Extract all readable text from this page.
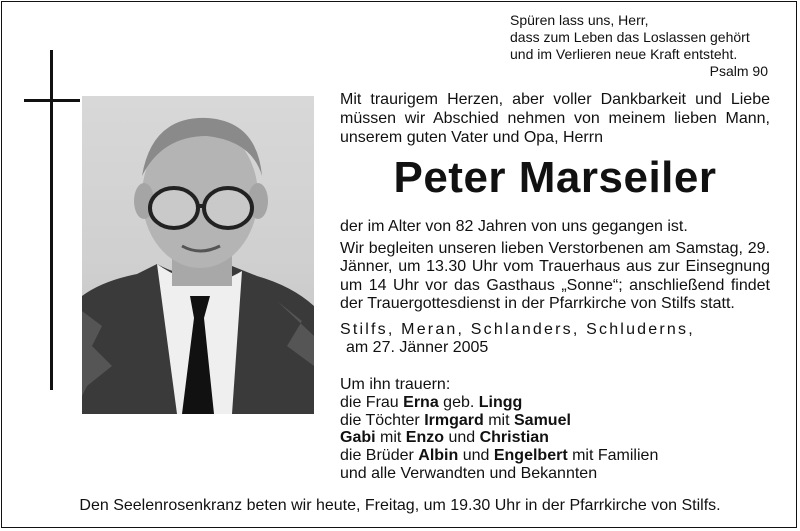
Spüren lass uns, Herr,
dass zum Leben das Loslassen gehört
und im Verlieren neue Kraft entsteht.
Psalm 90
Mit traurigem Herzen, aber voller Dankbarkeit und Liebe müssen wir Abschied nehmen von meinem lieben Mann, unserem guten Vater und Opa, Herrn
Peter Marseiler

der im Alter von 82 Jahren von uns gegangen ist.

Wir begleiten unseren lieben Verstorbenen am Samstag, 29. Jänner, um 13.30 Uhr vom Trauerhaus aus zur Einsegnung um 14 Uhr vor das Gasthaus „Sonne“; anschließend findet der Trauergottesdienst in der Pfarrkirche von Stilfs statt.

Stilfs, Meran, Schlanders, Schluderns,

am 27. Jänner 2005

Um ihn trauern:

die Frau Erna geb. Lingg

die Töchter Irmgard mit Samuel

Gabi mit Enzo und Christian

die Brüder Albin und Engelbert mit Familien

und alle Verwandten und Bekannten

Den Seelenrosenkranz beten wir heute, Freitag, um 19.30 Uhr in der Pfarrkirche von Stilfs.
